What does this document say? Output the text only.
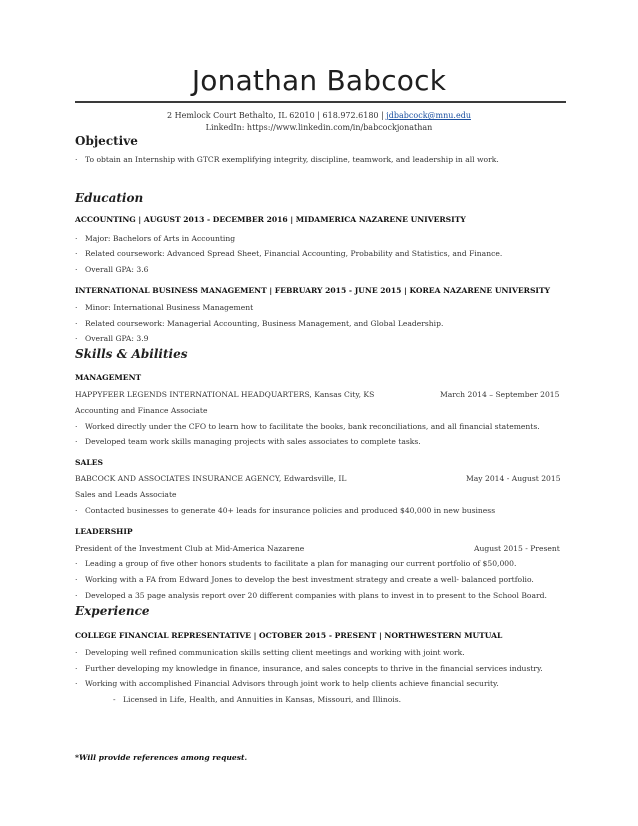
Jonathan Babcock
2 Hemlock Court Bethalto, IL 62010 | 618.972.6180 | jdbabcock@mnu.edu
LinkedIn: https://www.linkedin.com/in/babcockjonathan
Objective
· To obtain an Internship with GTCR exemplifying integrity, discipline, teamwork, and leadership in all work.
Education
ACCOUNTING | AUGUST 2013 - DECEMBER 2016 | MIDAMERICA NAZARENE UNIVERSITY
· Major: Bachelors of Arts in Accounting
· Related coursework: Advanced Spread Sheet, Financial Accounting, Probability and Statistics, and Finance.
· Overall GPA: 3.6
INTERNATIONAL BUSINESS MANAGEMENT | FEBRUARY 2015 - JUNE 2015 | KOREA NAZARENE UNIVERSITY
· Minor: International Business Management
· Related coursework: Managerial Accounting, Business Management, and Global Leadership.
· Overall GPA: 3.9
Skills & Abilities
MANAGEMENT
HAPPYFEER LEGENDS INTERNATIONAL HEADQUARTERS, Kansas City, KS	March 2014 – September 2015
Accounting and Finance Associate
· Worked directly under the CFO to learn how to facilitate the books, bank reconciliations, and all financial statements.
· Developed team work skills managing projects with sales associates to complete tasks.
SALES
BABCOCK AND ASSOCIATES INSURANCE AGENCY, Edwardsville, IL	May 2014 - August 2015
Sales and Leads Associate
· Contacted businesses to generate 40+ leads for insurance policies and produced $40,000 in new business
LEADERSHIP
President of the Investment Club at Mid-America Nazarene	August 2015 - Present
· Leading a group of five other honors students to facilitate a plan for managing our current portfolio of $50,000.
· Working with a FA from Edward Jones to develop the best investment strategy and create a well- balanced portfolio.
· Developed a 35 page analysis report over 20 different companies with plans to invest in to present to the School Board.
Experience
COLLEGE FINANCIAL REPRESENTATIVE | OCTOBER 2015 - PRESENT | NORTHWESTERN MUTUAL
· Developing well refined communication skills setting client meetings and working with joint work.
· Further developing my knowledge in finance, insurance, and sales concepts to thrive in the financial services industry.
· Working with accomplished Financial Advisors through joint work to help clients achieve financial security.
- Licensed in Life, Health, and Annuities in Kansas, Missouri, and Illinois.
*Will provide references among request.
